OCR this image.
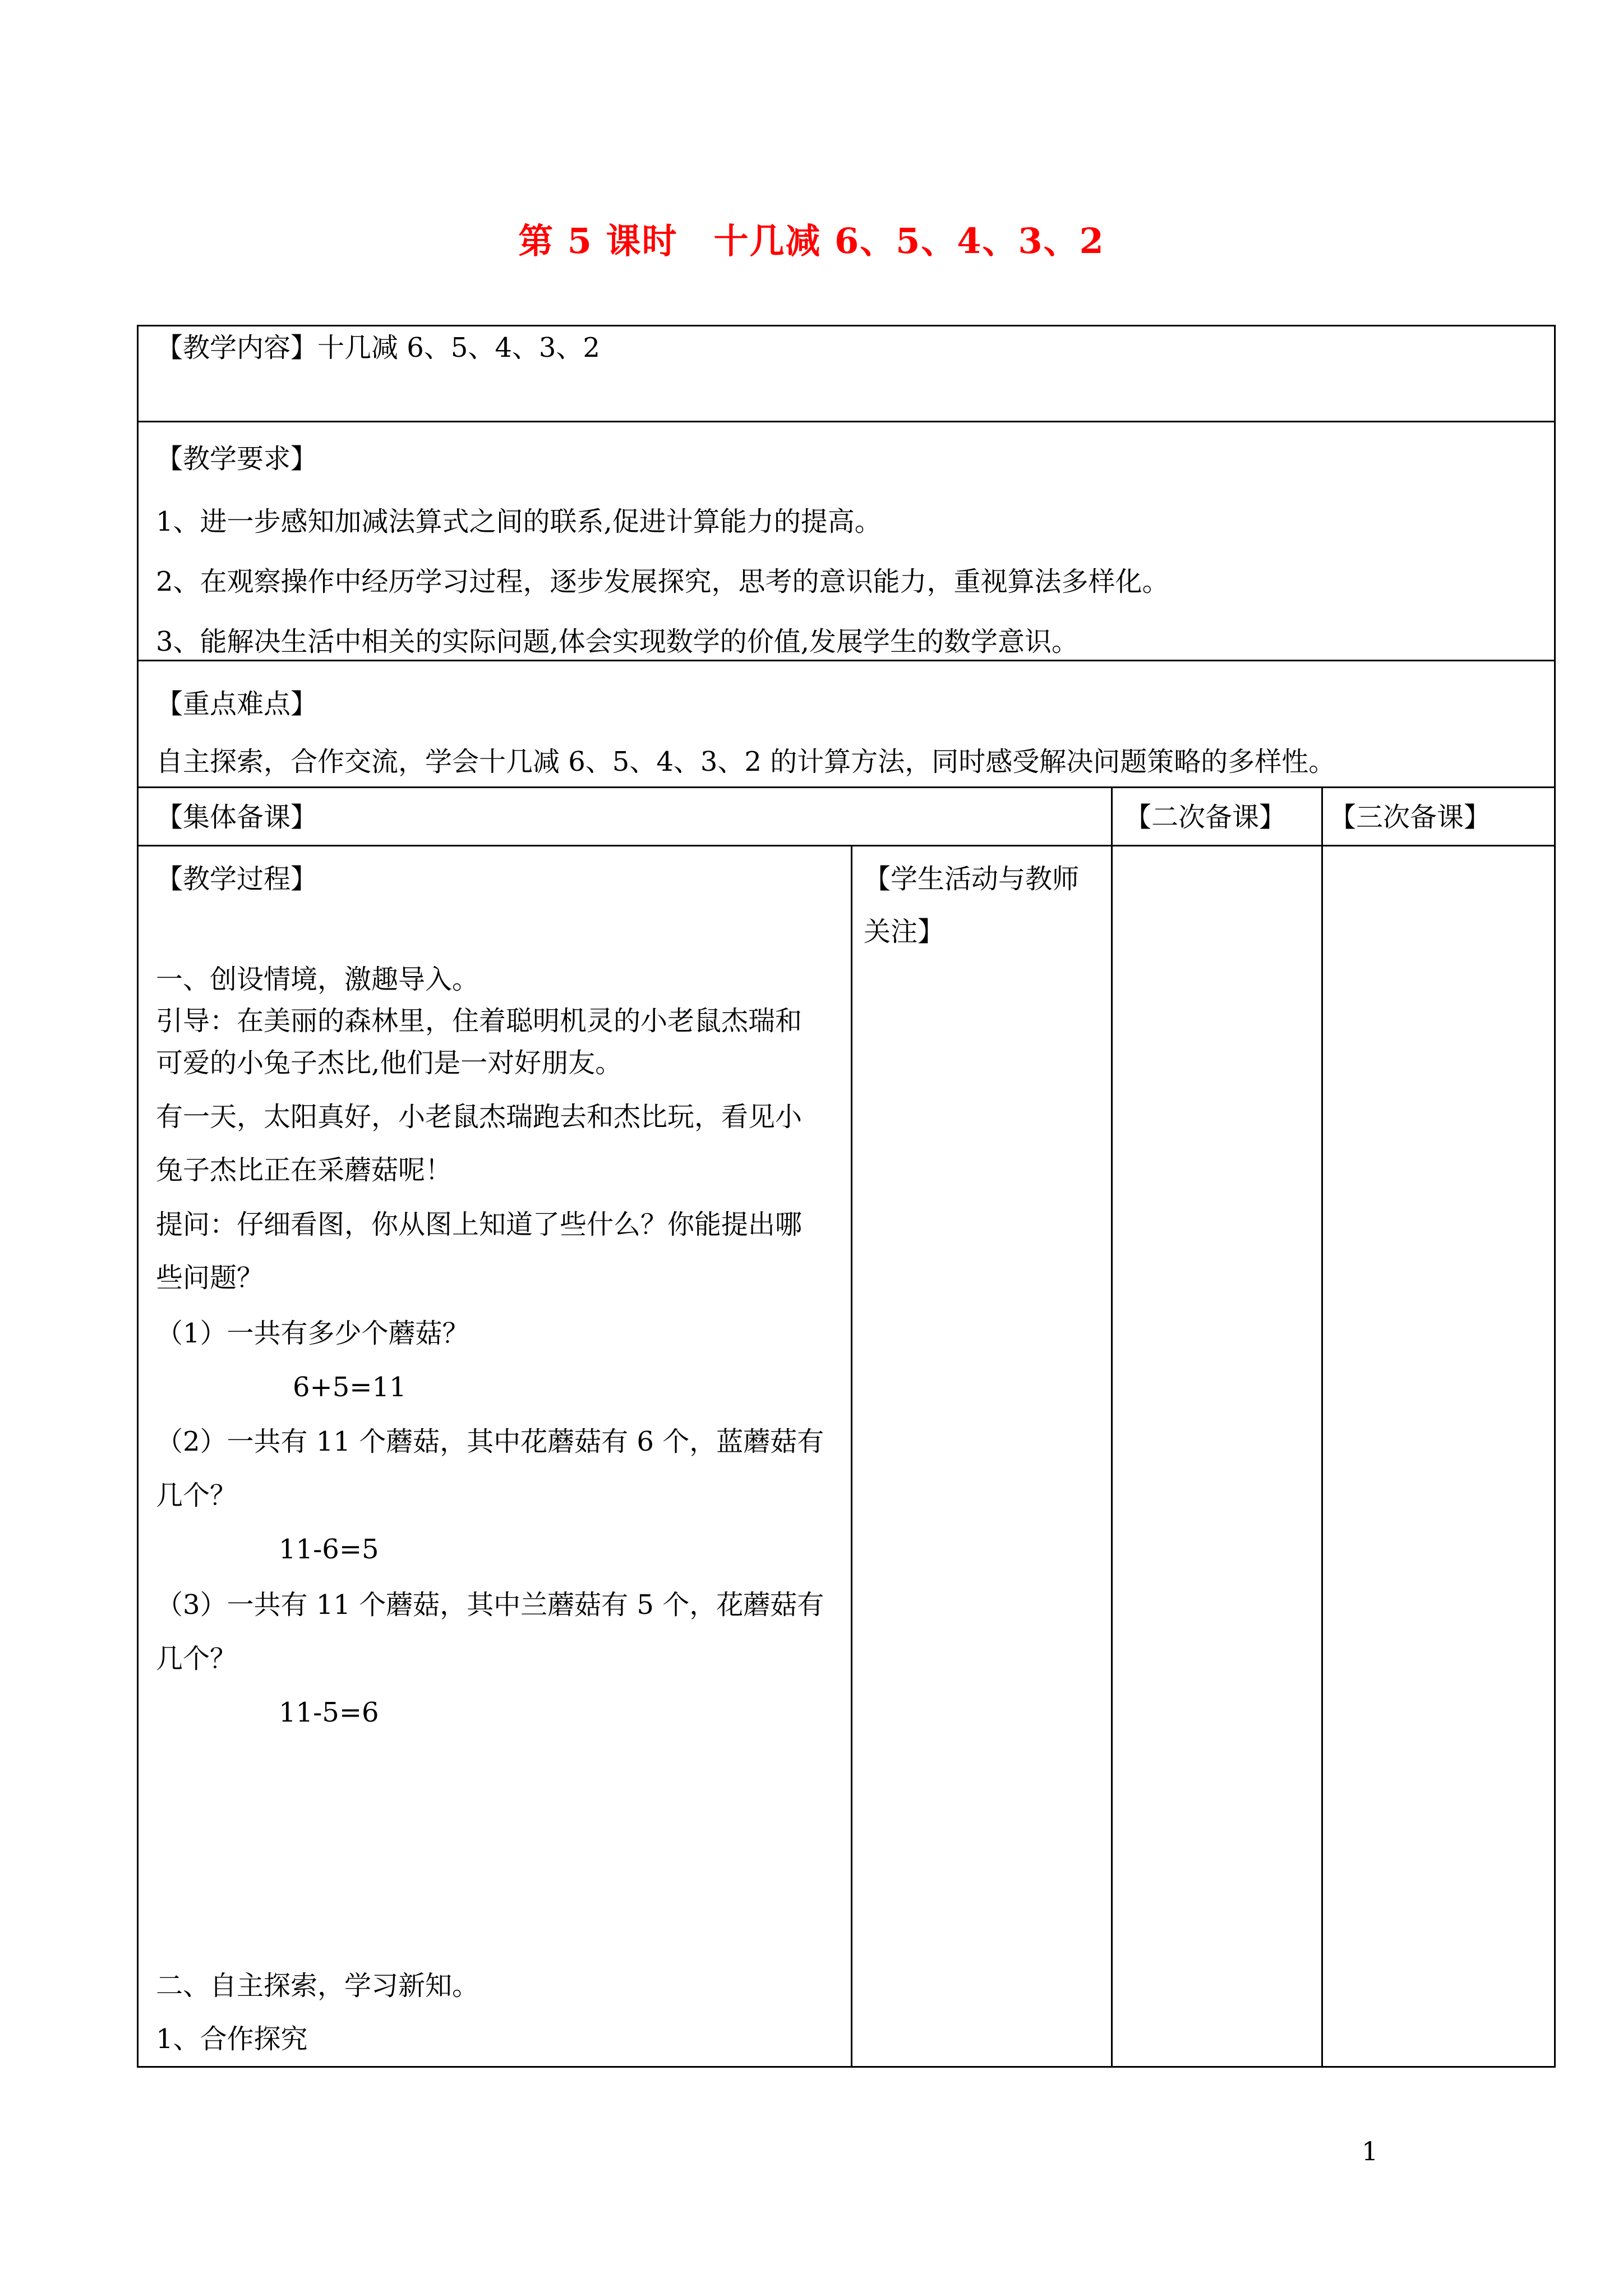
第 5 课时　十几减 6、5、4、3、2
【教学内容】十几减 6、5、4、3、2
【教学要求】
1、进一步感知加减法算式之间的联系,促进计算能力的提高。
2、在观察操作中经历学习过程，逐步发展探究，思考的意识能力，重视算法多样化。
3、能解决生活中相关的实际问题,体会实现数学的价值,发展学生的数学意识。
【重点难点】
自主探索，合作交流，学会十几减 6、5、4、3、2 的计算方法，同时感受解决问题策略的多样性。
【集体备课】	【二次备课】 【三次备课】
【教学过程】	【学生活动与教师
关注】
一、创设情境，激趣导入。
引导：在美丽的森林里，住着聪明机灵的小老鼠杰瑞和
可爱的小兔子杰比,他们是一对好朋友。
有一天，太阳真好，小老鼠杰瑞跑去和杰比玩，看见小
兔子杰比正在采蘑菇呢！
提问：仔细看图，你从图上知道了些什么？你能提出哪
些问题？
（1）一共有多少个蘑菇？
6+5=11
（2）一共有 11 个蘑菇，其中花蘑菇有 6 个，蓝蘑菇有
几个？
11-6=5
（3）一共有 11 个蘑菇，其中兰蘑菇有 5 个，花蘑菇有
几个？
11-5=6
二、自主探索，学习新知。
1、合作探究
1
